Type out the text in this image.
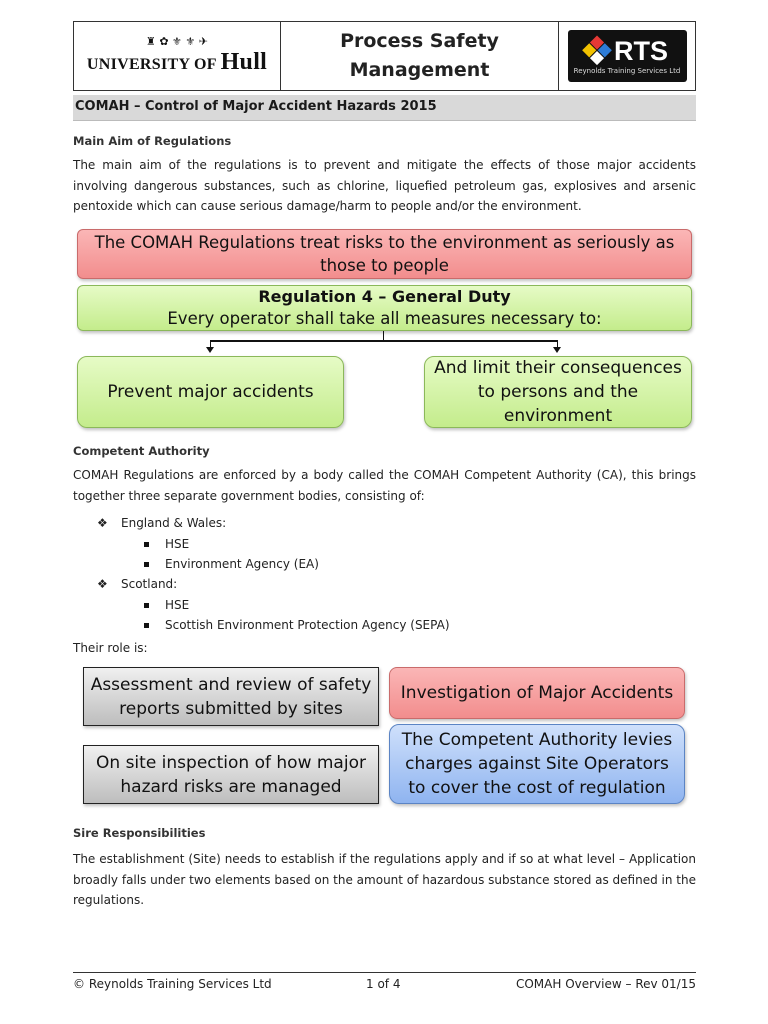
♜ ✿ ⚜ ⚜ ✈
UNIVERSITY OF Hull
Process Safety
Management
RTS
Reynolds Training Services Ltd
COMAH – Control of Major Accident Hazards 2015
Main Aim of Regulations
The main aim of the regulations is to prevent and mitigate the effects of those major accidents involving dangerous substances, such as chlorine, liquefied petroleum gas, explosives and arsenic pentoxide which can cause serious damage/harm to people and/or the environment.
The COMAH Regulations treat risks to the environment as seriously as those to people
Regulation 4 – General Duty
Every operator shall take all measures necessary to:
Prevent major accidents
And limit their consequences to persons and the environment
Competent Authority
COMAH Regulations are enforced by a body called the COMAH Competent Authority (CA), this brings together three separate government bodies, consisting of:
❖	England & Wales:
HSE
Environment Agency (EA)
❖	Scotland:
HSE
Scottish Environment Protection Agency (SEPA)
Their role is:
Assessment and review of safety reports submitted by sites
Investigation of Major Accidents
On site inspection of how major hazard risks are managed
The Competent Authority levies charges against Site Operators to cover the cost of regulation
Sire Responsibilities
The establishment (Site) needs to establish if the regulations apply and if so at what level – Application broadly falls under two elements based on the amount of hazardous substance stored as defined in the regulations.
© Reynolds Training Services Ltd	1 of 4	COMAH Overview – Rev 01/15
